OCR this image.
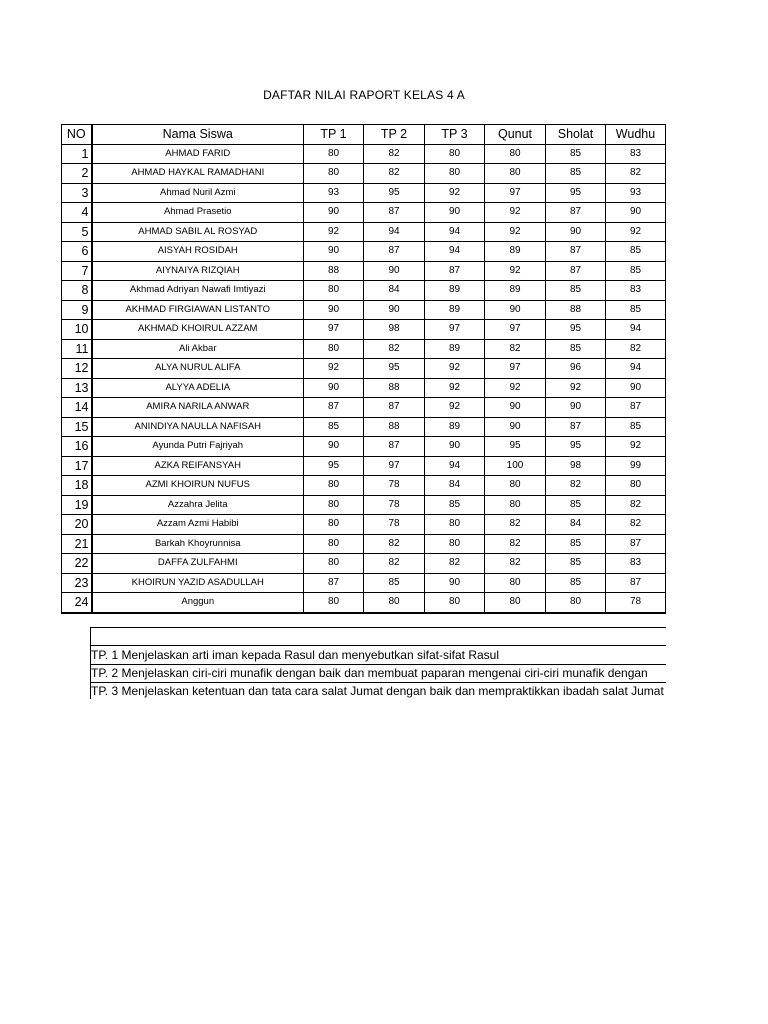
DAFTAR NILAI RAPORT KELAS 4 A
NO	Nama Siswa	TP 1	TP 2	TP 3	Qunut	Sholat	Wudhu
1	AHMAD FARID	80	82	80	80	85	83
2	AHMAD HAYKAL RAMADHANI	80	82	80	80	85	82
3	Ahmad Nuril Azmi	93	95	92	97	95	93
4	Ahmad Prasetio	90	87	90	92	87	90
5	AHMAD SABIL AL ROSYAD	92	94	94	92	90	92
6	AISYAH ROSIDAH	90	87	94	89	87	85
7	AIYNAIYA RIZQIAH	88	90	87	92	87	85
8	Akhmad Adriyan Nawafi Imtiyazi	80	84	89	89	85	83
9	AKHMAD FIRGIAWAN LISTANTO	90	90	89	90	88	85
10	AKHMAD KHOIRUL AZZAM	97	98	97	97	95	94
11	Ali Akbar	80	82	89	82	85	82
12	ALYA NURUL ALIFA	92	95	92	97	96	94
13	ALYYA ADELIA	90	88	92	92	92	90
14	AMIRA NARILA ANWAR	87	87	92	90	90	87
15	ANINDIYA NAULLA NAFISAH	85	88	89	90	87	85
16	Ayunda Putri Fajriyah	90	87	90	95	95	92
17	AZKA REIFANSYAH	95	97	94	100	98	99
18	AZMI KHOIRUN NUFUS	80	78	84	80	82	80
19	Azzahra Jelita	80	78	85	80	85	82
20	Azzam Azmi Habibi	80	78	80	82	84	82
21	Barkah Khoyrunnisa	80	82	80	82	85	87
22	DAFFA ZULFAHMI	80	82	82	82	85	83
23	KHOIRUN YAZID ASADULLAH	87	85	90	80	85	87
24	Anggun	80	80	80	80	80	78
TP. 1 Menjelaskan arti iman kepada Rasul dan menyebutkan sifat-sifat Rasul
TP. 2 Menjelaskan ciri-ciri munafik dengan baik dan membuat paparan mengenai ciri-ciri munafik dengan
TP. 3 Menjelaskan ketentuan dan tata cara salat Jumat dengan baik dan mempraktikkan ibadah salat Jumat
